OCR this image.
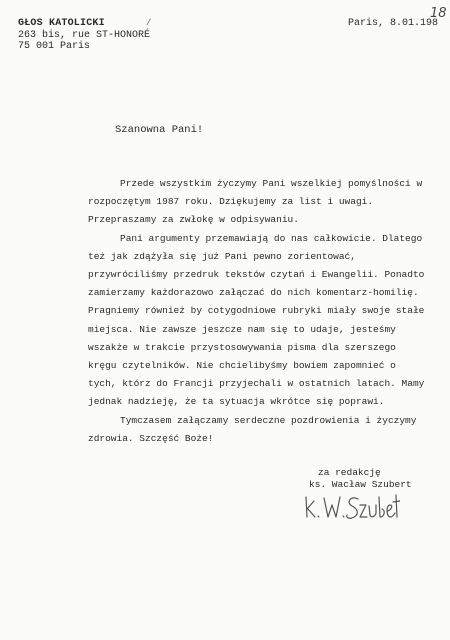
18
GŁOS KATOLICKI
263 bis, rue ST-HONORÉ
75 001 Paris
/	Paris, 8.01.198
Szanowna Pani!

Przede wszystkim życzymy Pani wszelkiej pomyślności w rozpoczętym 1987 roku. Dziękujemy za list i uwagi. Przepraszamy za zwłokę w odpisywaniu.

Pani argumenty przemawiają do nas całkowicie. Dlatego też jak zdążyła się już Pani pewno zorientować, przywróciliśmy przedruk tekstów czytań i Ewangelii. Ponadto zamierzamy każdorazowo załączać do nich komentarz-homilię. Pragniemy również by cotygodniowe rubryki miały swoje stałe miejsca. Nie zawsze jeszcze nam się to udaje, jesteśmy wszakże w trakcie przystosowywania pisma dla szerszego kręgu czytelników. Nie chcielibyśmy bowiem zapomnieć o tych, którz do Francji przyjechali w ostatnich latach. Mamy jednak nadzieję, że ta sytuacja wkrótce się poprawi.

Tymczasem załączamy serdeczne pozdrowienia i życzymy zdrowia. Szczęść Boże!

za redakcję
ks. Wacław Szubert
